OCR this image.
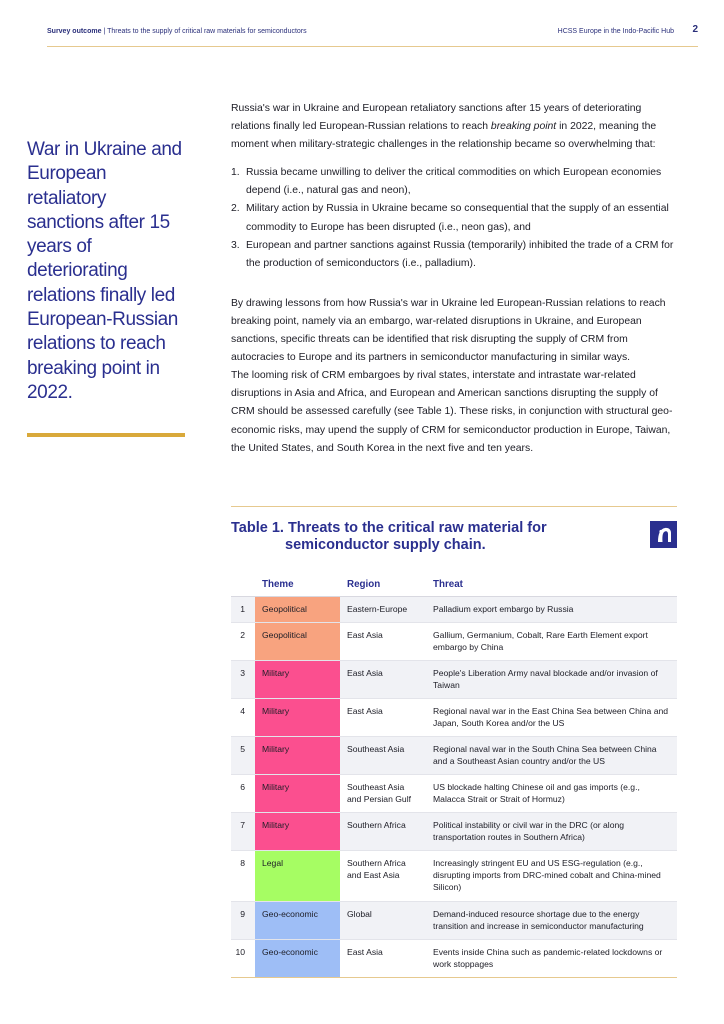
Survey outcome | Threats to the supply of critical raw materials for semiconductors	HCSS Europe in the Indo-Pacific Hub 2
War in Ukraine and European retaliatory sanctions after 15 years of deteriorating relations finally led European-Russian relations to reach breaking point in 2022.

Russia's war in Ukraine and European retaliatory sanctions after 15 years of deteriorating relations finally led European-Russian relations to reach breaking point in 2022, meaning the moment when military-strategic challenges in the relationship became so overwhelming that:

1. Russia became unwilling to deliver the critical commodities on which European economies depend (i.e., natural gas and neon),
2. Military action by Russia in Ukraine became so consequential that the supply of an essential commodity to Europe has been disrupted (i.e., neon gas), and
3. European and partner sanctions against Russia (temporarily) inhibited the trade of a CRM for the production of semiconductors (i.e., palladium).

By drawing lessons from how Russia's war in Ukraine led European-Russian relations to reach breaking point, namely via an embargo, war-related disruptions in Ukraine, and European sanctions, specific threats can be identified that risk disrupting the supply of CRM from autocracies to Europe and its partners in semiconductor manufacturing in similar ways.

The looming risk of CRM embargoes by rival states, interstate and intrastate war-related disruptions in Asia and Africa, and European and American sanctions disrupting the supply of CRM should be assessed carefully (see Table 1). These risks, in conjunction with structural geo-economic risks, may upend the supply of CRM for semiconductor production in Europe, Taiwan, the United States, and South Korea in the next five and ten years.

Table 1. Threats to the critical raw material for
semiconductor supply chain.
	Theme	Region	Threat
1	Geopolitical	Eastern-Europe	Palladium export embargo by Russia
2	Geopolitical	East Asia	Gallium, Germanium, Cobalt, Rare Earth Element export embargo by China
3	Military	East Asia	People's Liberation Army naval blockade and/or invasion of Taiwan
4	Military	East Asia	Regional naval war in the East China Sea between China and Japan, South Korea and/or the US
5	Military	Southeast Asia	Regional naval war in the South China Sea between China and a Southeast Asian country and/or the US
6	Military	Southeast Asia and Persian Gulf	US blockade halting Chinese oil and gas imports (e.g., Malacca Strait or Strait of Hormuz)
7	Military	Southern Africa	Political instability or civil war in the DRC (or along transportation routes in Southern Africa)
8	Legal	Southern Africa and East Asia	Increasingly stringent EU and US ESG-regulation (e.g., disrupting imports from DRC-mined cobalt and China-mined Silicon)
9	Geo-economic	Global	Demand-induced resource shortage due to the energy transition and increase in semiconductor manufacturing
10	Geo-economic	East Asia	Events inside China such as pandemic-related lockdowns or work stoppages
